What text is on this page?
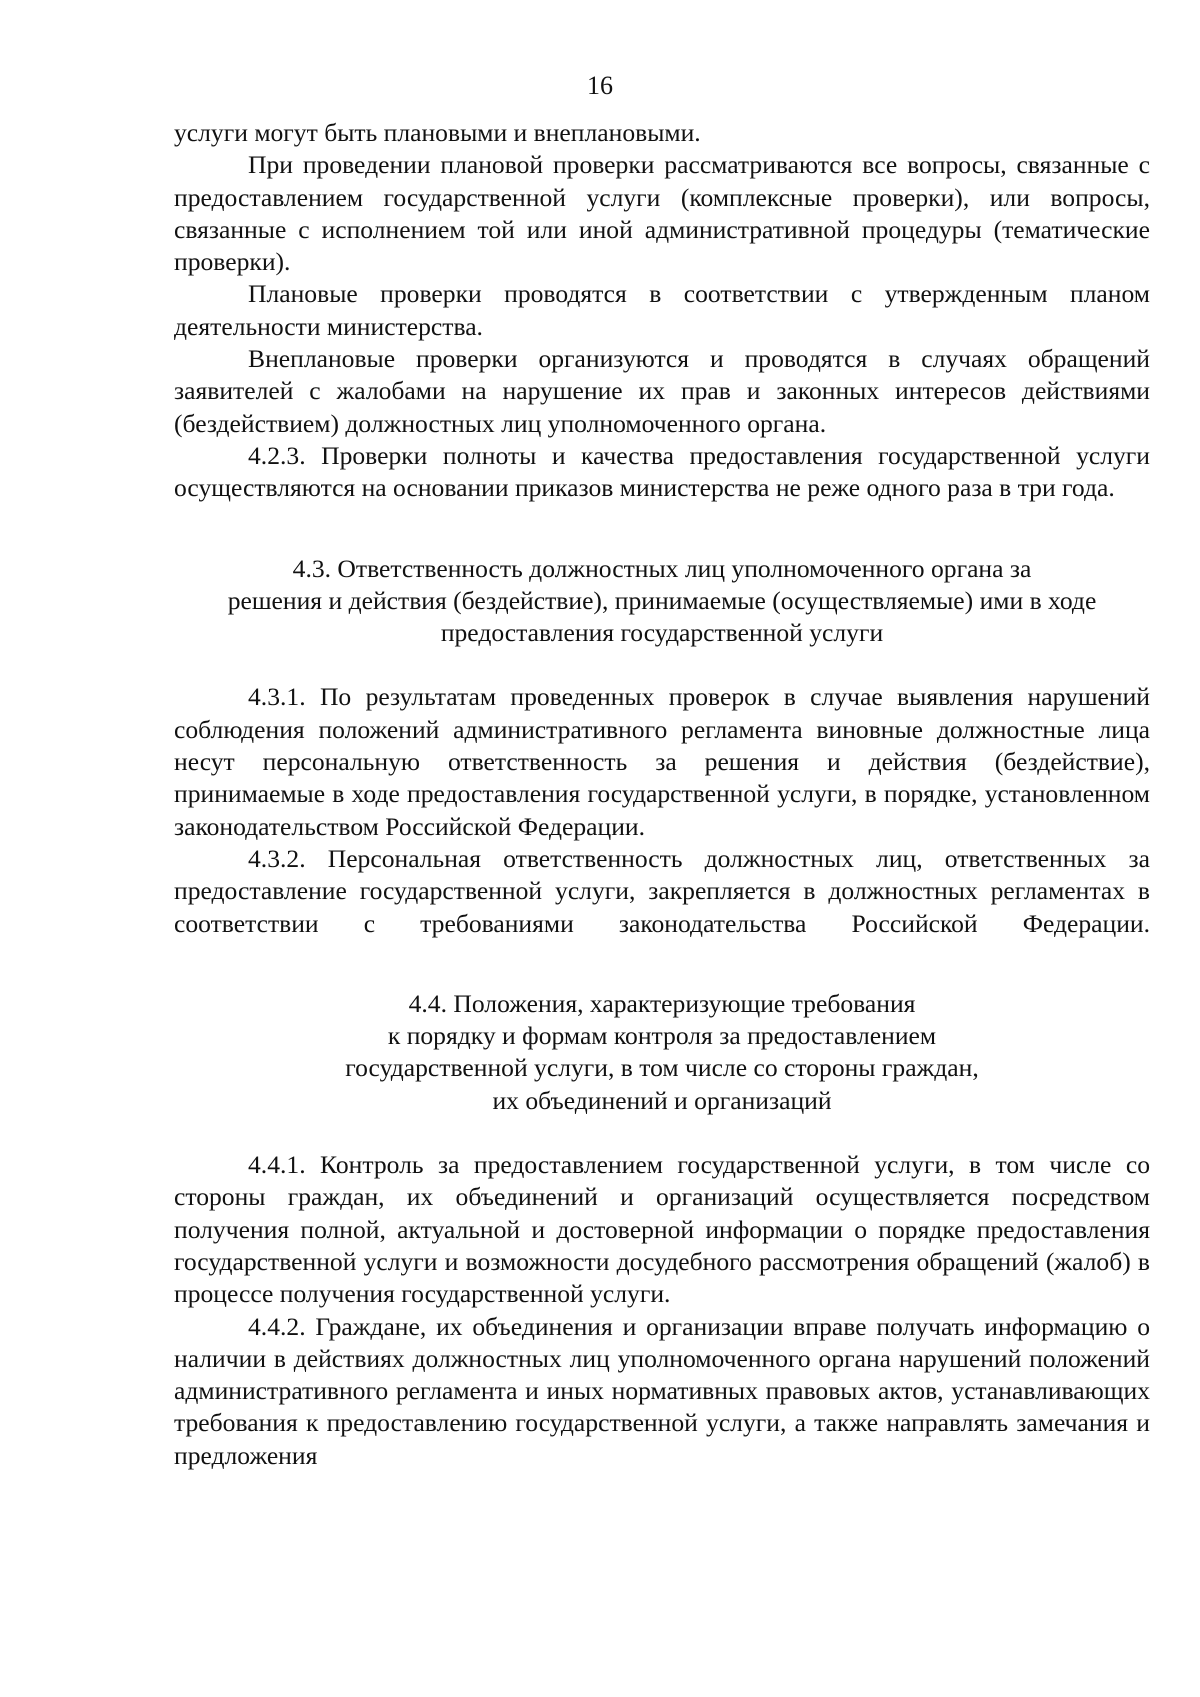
16

услуги могут быть плановыми и внеплановыми.

При проведении плановой проверки рассматриваются все вопросы, связанные с предоставлением государственной услуги (комплексные проверки), или вопросы, связанные с исполнением той или иной административной процедуры (тематические проверки).

Плановые проверки проводятся в соответствии с утвержденным планом деятельности министерства.

Внеплановые проверки организуются и проводятся в случаях обращений заявителей с жалобами на нарушение их прав и законных интересов действиями (бездействием) должностных лиц уполномоченного органа.

4.2.3. Проверки полноты и качества предоставления государственной услуги осуществляются на основании приказов министерства не реже одного раза в три года.

4.3. Ответственность должностных лиц уполномоченного органа за
решения и действия (бездействие), принимаемые (осуществляемые) ими в ходе
предоставления государственной услуги

4.3.1. По результатам проведенных проверок в случае выявления нарушений соблюдения положений административного регламента виновные должностные лица несут персональную ответственность за решения и действия (бездействие), принимаемые в ходе предоставления государственной услуги, в порядке, установленном законодательством Российской Федерации.

4.3.2. Персональная ответственность должностных лиц, ответственных за предоставление государственной услуги, закрепляется в должностных регламентах в соответствии с требованиями законодательства Российской Федерации.

4.4. Положения, характеризующие требования
к порядку и формам контроля за предоставлением
государственной услуги, в том числе со стороны граждан,
их объединений и организаций

4.4.1. Контроль за предоставлением государственной услуги, в том числе со стороны граждан, их объединений и организаций осуществляется посредством получения полной, актуальной и достоверной информации о порядке предоставления государственной услуги и возможности досудебного рассмотрения обращений (жалоб) в процессе получения государственной услуги.

4.4.2. Граждане, их объединения и организации вправе получать информацию о наличии в действиях должностных лиц уполномоченного органа нарушений положений административного регламента и иных нормативных правовых актов, устанавливающих требования к предоставлению государственной услуги, а также направлять замечания и предложения
